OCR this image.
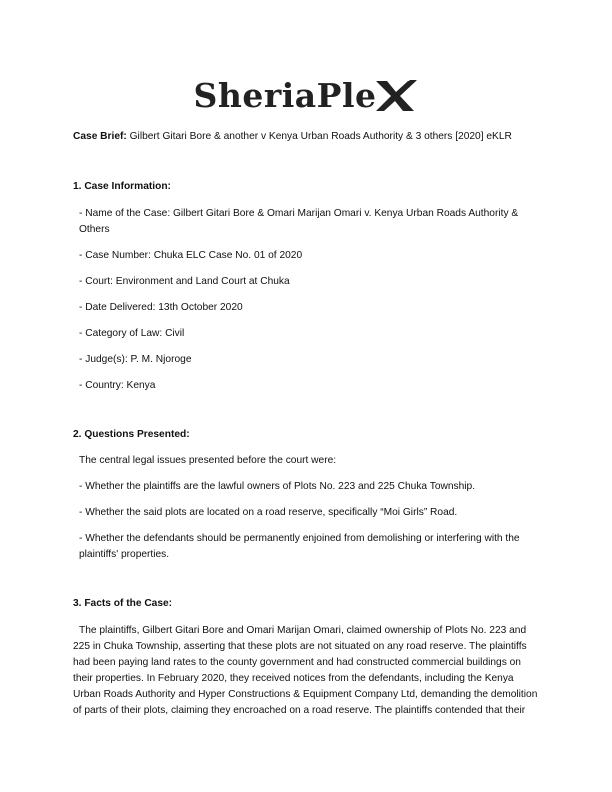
SheriaPle

Case Brief: Gilbert Gitari Bore & another v Kenya Urban Roads Authority & 3 others [2020] eKLR

1. Case Information:

- Name of the Case: Gilbert Gitari Bore & Omari Marijan Omari v. Kenya Urban Roads Authority & Others

- Case Number: Chuka ELC Case No. 01 of 2020

- Court: Environment and Land Court at Chuka

- Date Delivered: 13th October 2020

- Category of Law: Civil

- Judge(s): P. M. Njoroge

- Country: Kenya

2. Questions Presented:

The central legal issues presented before the court were:

- Whether the plaintiffs are the lawful owners of Plots No. 223 and 225 Chuka Township.

- Whether the said plots are located on a road reserve, specifically “Moi Girls” Road.

- Whether the defendants should be permanently enjoined from demolishing or interfering with the plaintiffs' properties.

3. Facts of the Case:

The plaintiffs, Gilbert Gitari Bore and Omari Marijan Omari, claimed ownership of Plots No. 223 and 225 in Chuka Township, asserting that these plots are not situated on any road reserve. The plaintiffs had been paying land rates to the county government and had constructed commercial buildings on their properties. In February 2020, they received notices from the defendants, including the Kenya Urban Roads Authority and Hyper Constructions & Equipment Company Ltd, demanding the demolition of parts of their plots, claiming they encroached on a road reserve. The plaintiffs contended that their
